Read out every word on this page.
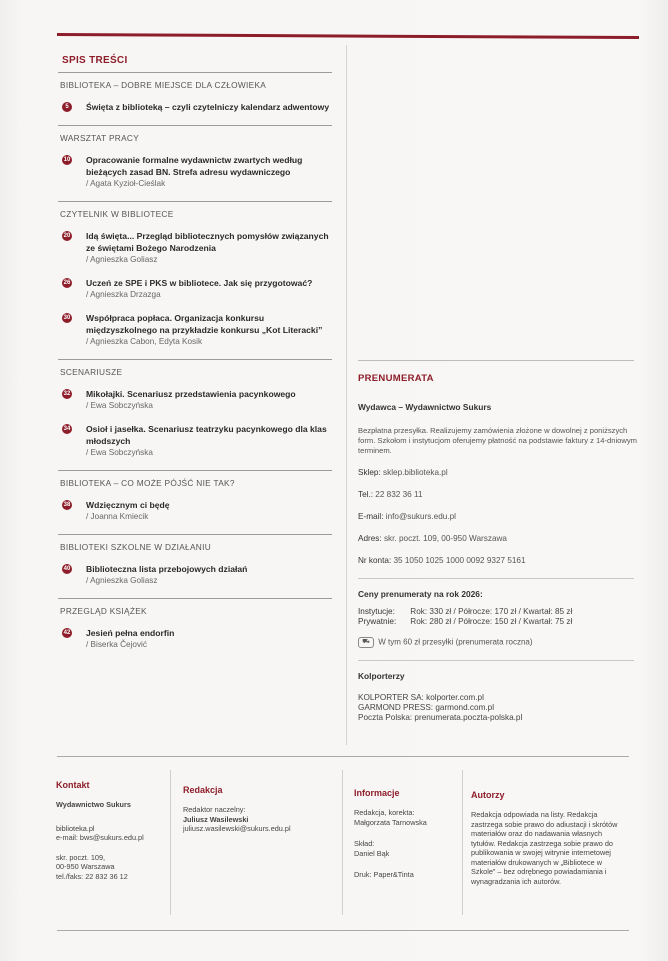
SPIS TREŚCI
BIBLIOTEKA – DOBRE MIEJSCE DLA CZŁOWIEKA
5	Święta z biblioteką – czyli czytelniczy kalendarz adwentowy
WARSZTAT PRACY
10 Opracowanie formalne wydawnictw zwartych według bieżących zasad BN. Strefa adresu wydawniczego
/ Agata Kyzioł-Cieślak
CZYTELNIK W BIBLIOTECE
20 Idą święta... Przegląd bibliotecznych pomysłów związanych ze świętami Bożego Narodzenia
/ Agnieszka Goliasz
26 Uczeń ze SPE i PKS w bibliotece. Jak się przygotować?
/ Agnieszka Drzazga
30 Współpraca popłaca. Organizacja konkursu międzyszkolnego na przykładzie konkursu „Kot Literacki”
/ Agnieszka Cabon, Edyta Kosik
SCENARIUSZE
32 Mikołajki. Scenariusz przedstawienia pacynkowego
/ Ewa Sobczyńska
34 Osioł i jasełka. Scenariusz teatrzyku pacynkowego dla klas młodszych
/ Ewa Sobczyńska
BIBLIOTEKA – CO MOŻE PÓJŚĆ NIE TAK?
38 Wdzięcznym ci będę
/ Joanna Kmiecik
BIBLIOTEKI SZKOLNE W DZIAŁANIU
40 Biblioteczna lista przebojowych działań
/ Agnieszka Goliasz
PRZEGLĄD KSIĄŻEK
42 Jesień pełna endorfin
/ Biserka Čejović
PRENUMERATA
Wydawca – Wydawnictwo Sukurs
Bezpłatna przesyłka. Realizujemy zamówienia złożone w dowolnej z poniższych form. Szkołom i instytucjom oferujemy płatność na podstawie faktury z 14-dniowym terminem.
Sklep: sklep.biblioteka.pl
Tel.: 22 832 36 11
E-mail: info@sukurs.edu.pl
Adres: skr. poczt. 109, 00-950 Warszawa
Nr konta: 35 1050 1025 1000 0092 9327 5161
Ceny prenumeraty na rok 2026:
Instytucje: Rok: 330 zł / Półrocze: 170 zł / Kwartał: 85 zł
Prywatnie: Rok: 280 zł / Półrocze: 150 zł / Kwartał: 75 zł
⛟ W tym 60 zł przesyłki (prenumerata roczna)
Kolporterzy
KOLPORTER SA: kolporter.com.pl
GARMOND PRESS: garmond.com.pl
Poczta Polska: prenumerata.poczta-polska.pl
Kontakt
Wydawnictwo Sukurs
biblioteka.pl
e-mail: bws@sukurs.edu.pl
skr. poczt. 109,
00-950 Warszawa
tel./faks: 22 832 36 12
Redakcja
Redaktor naczelny:
Juliusz Wasilewski
juliusz.wasilewski@sukurs.edu.pl
Informacje
Redakcja, korekta:
Małgorzata Tarnowska
Skład:
Daniel Bąk
Druk: Paper&Tinta
Autorzy
Redakcja odpowiada na listy. Redakcja zastrzega sobie prawo do adiustacji i skrótów materiałów oraz do nadawania własnych tytułów. Redakcja zastrzega sobie prawo do publikowania w swojej witrynie internetowej materiałów drukowanych w „Bibliotece w Szkole” – bez odrębnego powiadamiania i wynagradzania ich autorów.
